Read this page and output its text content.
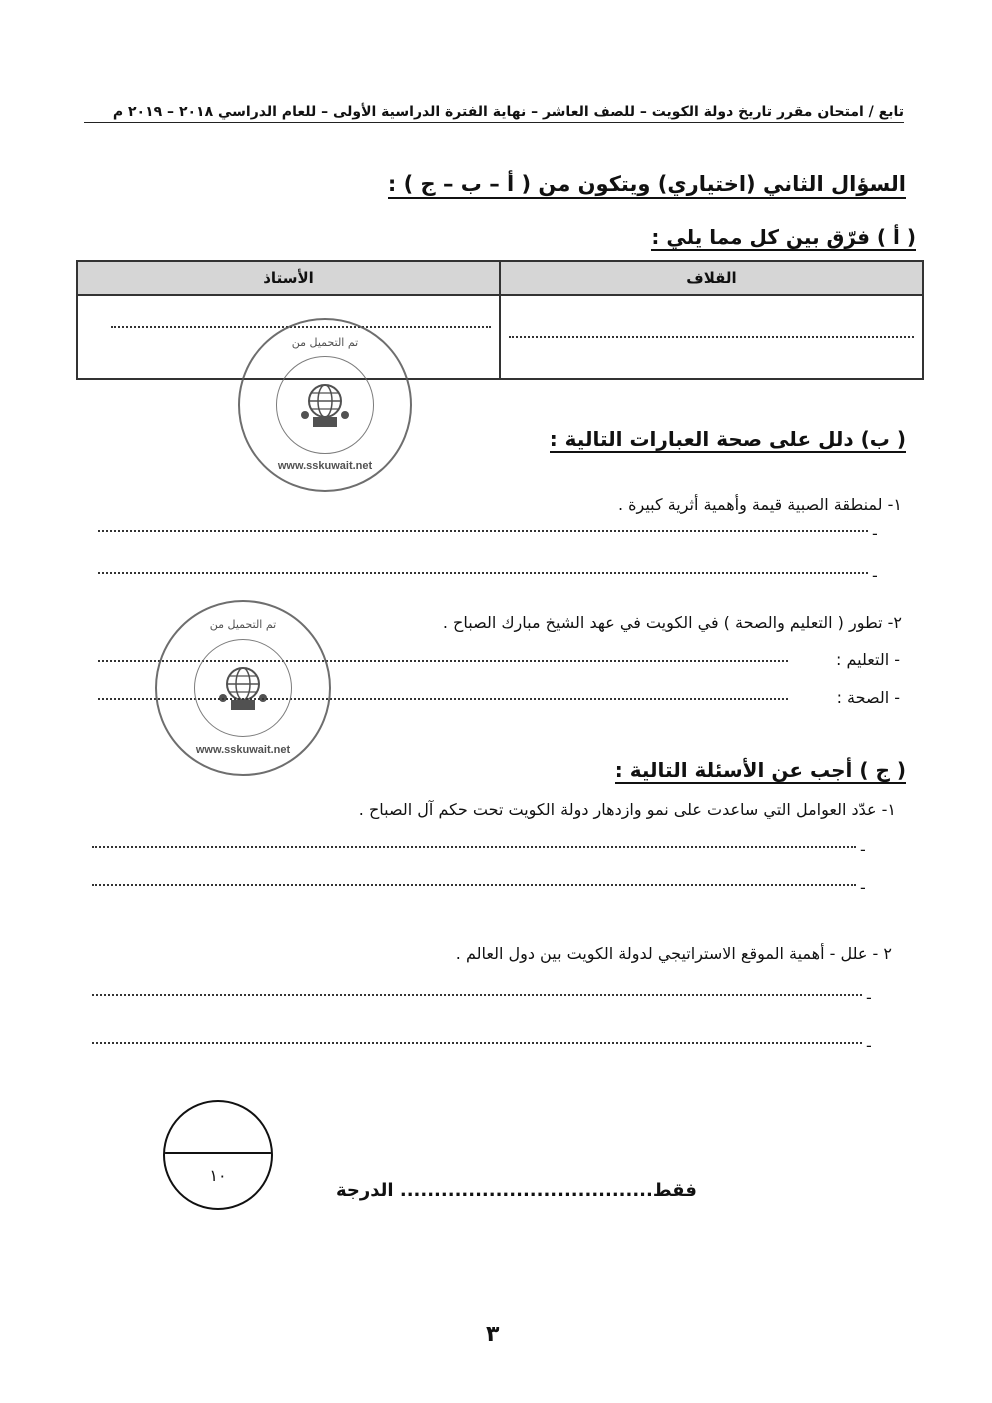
تابع / امتحان مقرر تاريخ دولة الكويت – للصف العاشر – نهاية الفترة الدراسية الأولى – للعام الدراسي ٢٠١٨ – ٢٠١٩ م
السؤال الثاني (اختياري) ويتكون من ( أ – ب – ج ) :
( أ ) فرّق بين كل مما يلي :
القلاف	الأستاذ

تم التحميل من
www.sskuwait.net
( ب) دلل على صحة العبارات التالية :
١- لمنطقة الصبية قيمة وأهمية أثرية كبيرة .
-
-
٢- تطور ( التعليم والصحة ) في الكويت في عهد الشيخ مبارك الصباح .
- التعليم :
- الصحة :
تم التحميل من
www.sskuwait.net
( ج ) أجب عن الأسئلة التالية :
١- عدّد العوامل التي ساعدت على نمو وازدهار دولة الكويت تحت حكم آل الصباح .
-
-
٢ - علل - أهمية الموقع الاستراتيجي لدولة الكويت بين دول العالم .
-
-
١٠
فقط..................................... الدرجة
٣
